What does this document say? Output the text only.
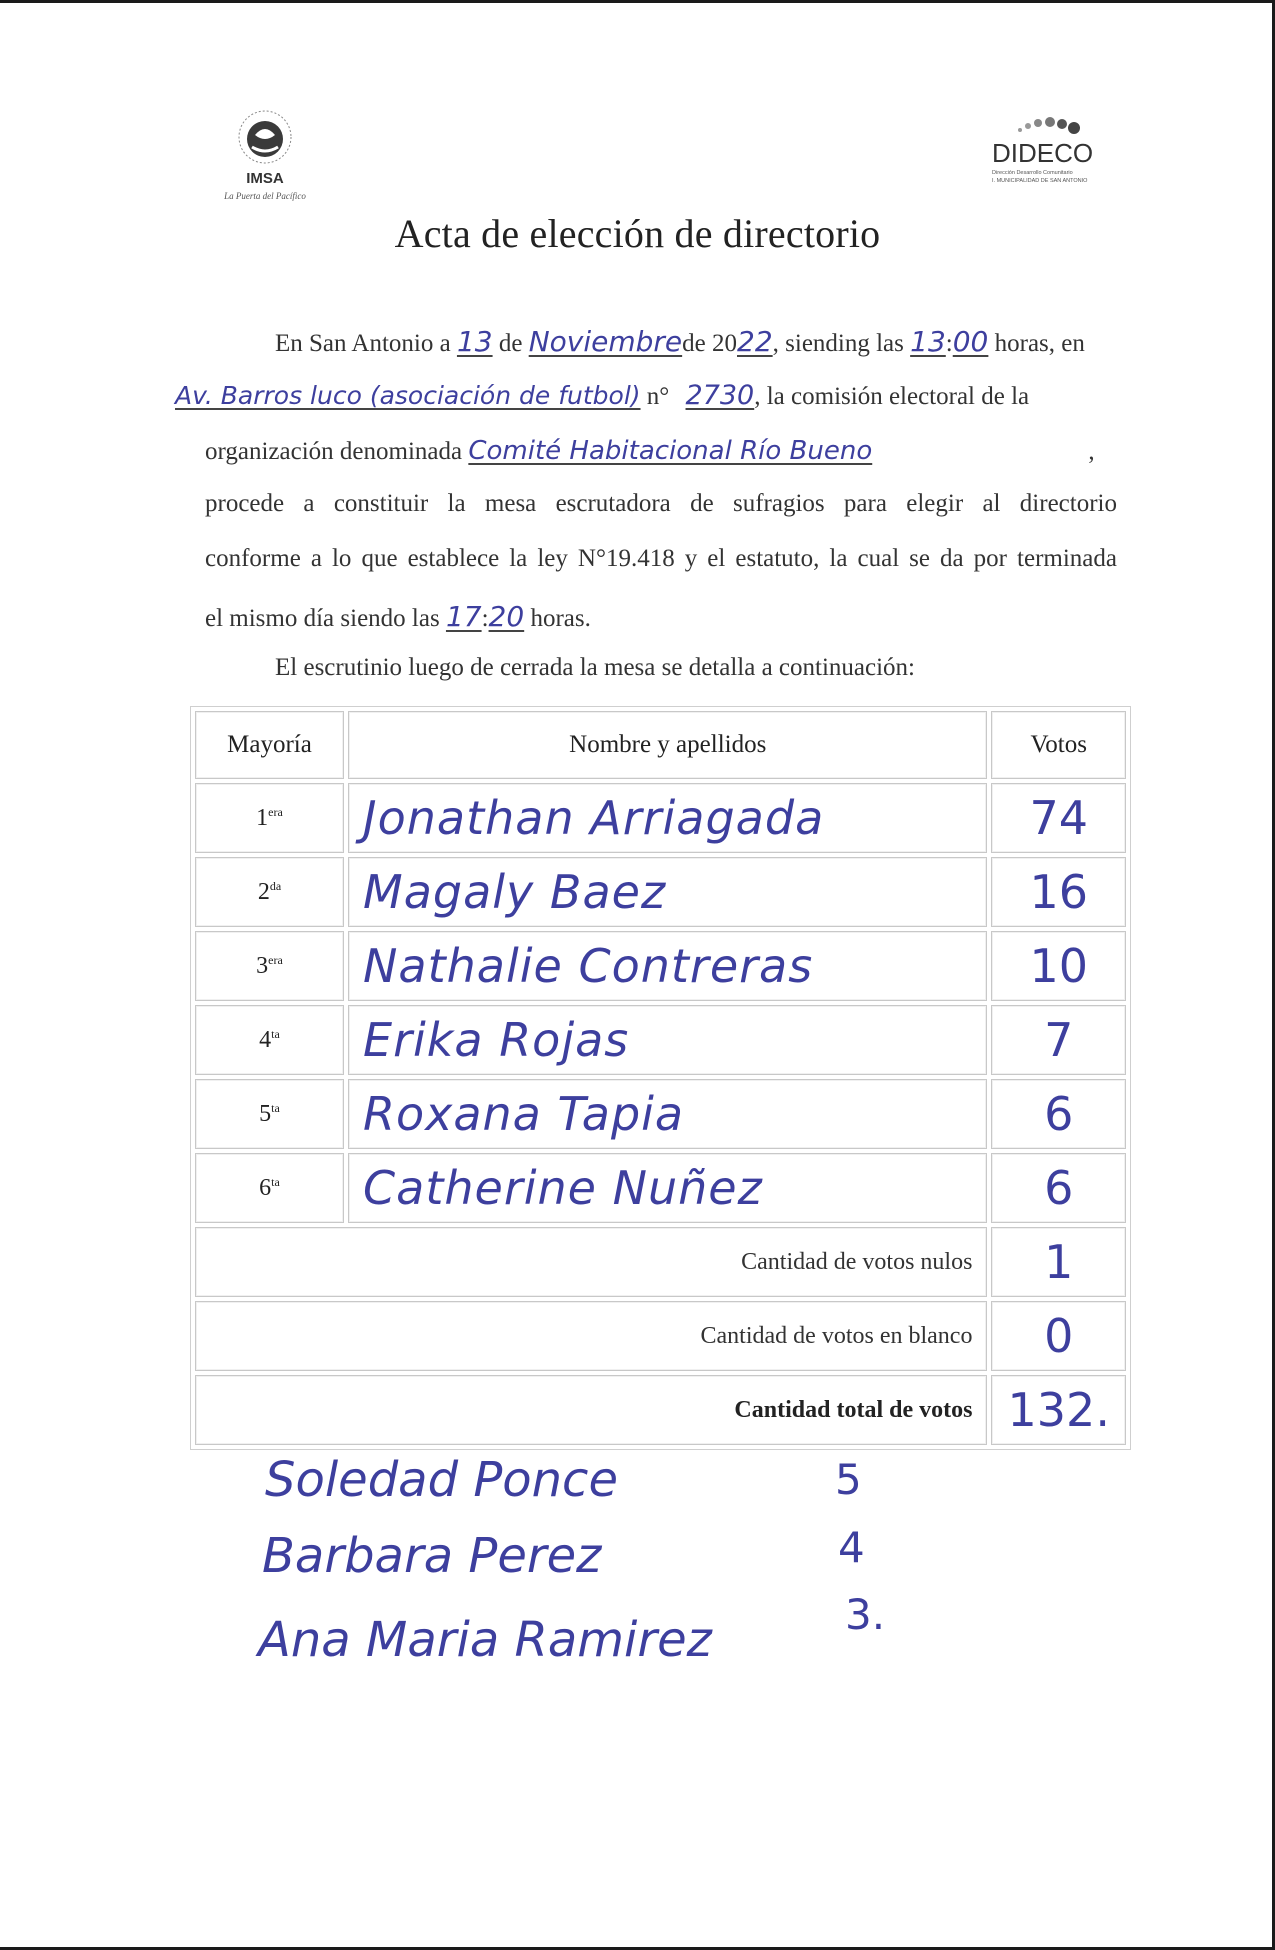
IMSA
La Puerta del Pacífico
DIDECO
Dirección Desarrollo Comunitario
I. MUNICIPALIDAD DE SAN ANTONIO
Acta de elección de directorio
En San Antonio a 13 de Noviembrede 2022, siending las 13:00 horas, en
Av. Barros luco (asociación de futbol) n° 2730, la comisión electoral de la
organización denominada Comité Habitacional Río Bueno	,
procede a constituir la mesa escrutadora de sufragios para elegir al directorio
conforme a lo que establece la ley N°19.418 y el estatuto, la cual se da por terminada
el mismo día siendo las 17:20 horas.
El escrutinio luego de cerrada la mesa se detalla a continuación:
Mayoría	Nombre y apellidos	Votos
$1^{era}$	Jonathan Arriagada	74
$2^{da}$	Magaly Baez	16
$3^{era}$	Nathalie Contreras	10
$4^{ta}$	Erika Rojas	7
$5^{ta}$	Roxana Tapia	6
$6^{ta}$	Catherine Nuñez	6
Cantidad de votos nulos		1
Cantidad de votos en blanco		0
Cantidad total de votos		132.
Soledad Ponce	5
Barbara Perez	4
Ana Maria Ramirez	3.
